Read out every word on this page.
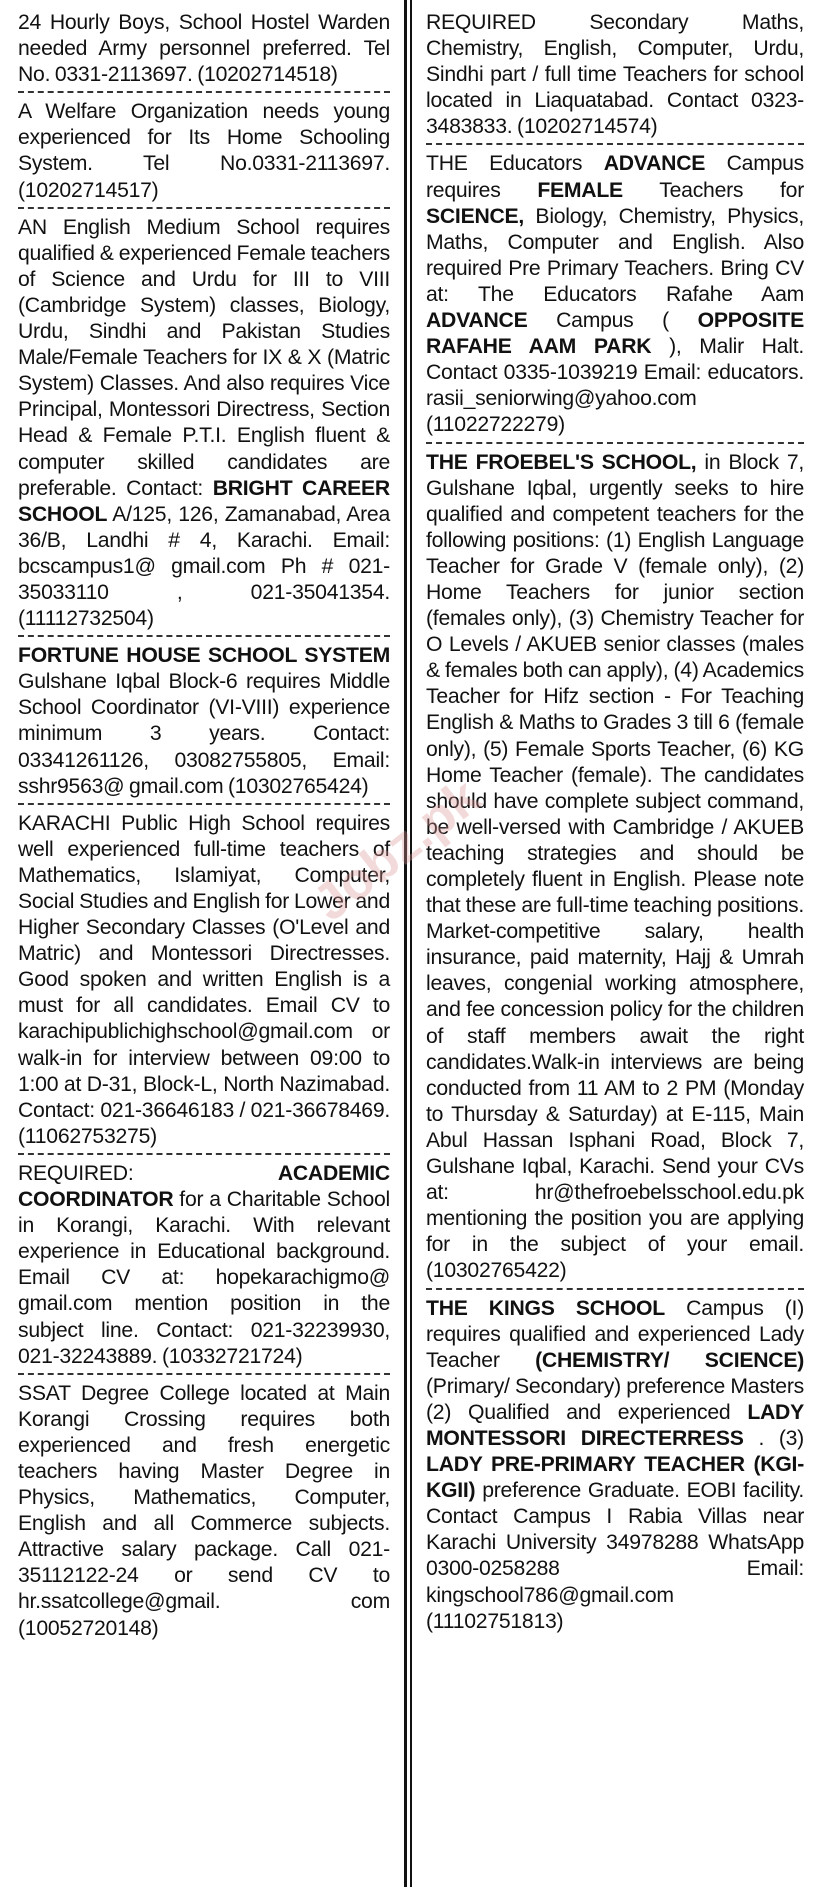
24 Hourly Boys, School Hostel Warden needed Army personnel preferred. Tel No. 0331-2113697. (10202714518)
A Welfare Organization needs young experienced for Its Home Schooling System. Tel No.0331-2113697. (10202714517)
AN English Medium School requires qualified & experienced Female teachers of Science and Urdu for III to VIII (Cambridge System) classes, Biology, Urdu, Sindhi and Pakistan Studies Male/Female Teachers for IX & X (Matric System) Classes. And also requires Vice Principal, Montessori Directress, Section Head & Female P.T.I. English fluent & computer skilled candidates are preferable. Contact: BRIGHT CAREER SCHOOL A/125, 126, Zamanabad, Area 36/B, Landhi # 4, Karachi. Email: bcscampus1@ gmail.com Ph # 021-35033110 , 021-35041354. (11112732504)
FORTUNE HOUSE SCHOOL SYSTEM Gulshane Iqbal Block-6 requires Middle School Coordinator (VI-VIII) experience minimum 3 years. Contact: 03341261126, 03082755805, Email: sshr9563@ gmail.com (10302765424)
KARACHI Public High School requires well experienced full-time teachers of Mathematics, Islamiyat, Computer, Social Studies and English for Lower and Higher Secondary Classes (O'Level and Matric) and Montessori Directresses. Good spoken and written English is a must for all candidates. Email CV to karachipublichighschool@gmail.com or walk-in for interview between 09:00 to 1:00 at D-31, Block-L, North Nazimabad. Contact: 021-36646183 / 021-36678469. (11062753275)
REQUIRED: ACADEMIC COORDINATOR for a Charitable School in Korangi, Karachi. With relevant experience in Educational background. Email CV at: hopekarachigmo@ gmail.com mention position in the subject line. Contact: 021-32239930, 021-32243889. (10332721724)
SSAT Degree College located at Main Korangi Crossing requires both experienced and fresh energetic teachers having Master Degree in Physics, Mathematics, Computer, English and all Commerce subjects. Attractive salary package. Call 021-35112122-24 or send CV to hr.ssatcollege@gmail. com (10052720148)
REQUIRED Secondary Maths, Chemistry, English, Computer, Urdu, Sindhi part / full time Teachers for school located in Liaquatabad. Contact 0323-3483833. (10202714574)
THE Educators ADVANCE Campus requires FEMALE Teachers for SCIENCE, Biology, Chemistry, Physics, Maths, Computer and English. Also required Pre Primary Teachers. Bring CV at: The Educators Rafahe Aam ADVANCE Campus ( OPPOSITE RAFAHE AAM PARK ), Malir Halt. Contact 0335-1039219 Email: educators. rasii_seniorwing@yahoo.com (11022722279)
THE FROEBEL'S SCHOOL, in Block 7, Gulshane Iqbal, urgently seeks to hire qualified and competent teachers for the following positions: (1) English Language Teacher for Grade V (female only), (2) Home Teachers for junior section (females only), (3) Chemistry Teacher for O Levels / AKUEB senior classes (males & females both can apply), (4) Academics Teacher for Hifz section - For Teaching English & Maths to Grades 3 till 6 (female only), (5) Female Sports Teacher, (6) KG Home Teacher (female). The candidates should have complete subject command, be well-versed with Cambridge / AKUEB teaching strategies and should be completely fluent in English. Please note that these are full-time teaching positions. Market-competitive salary, health insurance, paid maternity, Hajj & Umrah leaves, congenial working atmosphere, and fee concession policy for the children of staff members await the right candidates.Walk-in interviews are being conducted from 11 AM to 2 PM (Monday to Thursday & Saturday) at E-115, Main Abul Hassan Isphani Road, Block 7, Gulshane Iqbal, Karachi. Send your CVs at: hr@thefroebelsschool.edu.pk mentioning the position you are applying for in the subject of your email. (10302765422)
THE KINGS SCHOOL Campus (I) requires qualified and experienced Lady Teacher (CHEMISTRY/ SCIENCE) (Primary/ Secondary) preference Masters (2) Qualified and experienced LADY MONTESSORI DIRECTERRESS . (3) LADY PRE-PRIMARY TEACHER (KGI-KGII) preference Graduate. EOBI facility. Contact Campus I Rabia Villas near Karachi University 34978288 WhatsApp 0300-0258288 Email: kingschool786@gmail.com (11102751813)
Jobz.pk
